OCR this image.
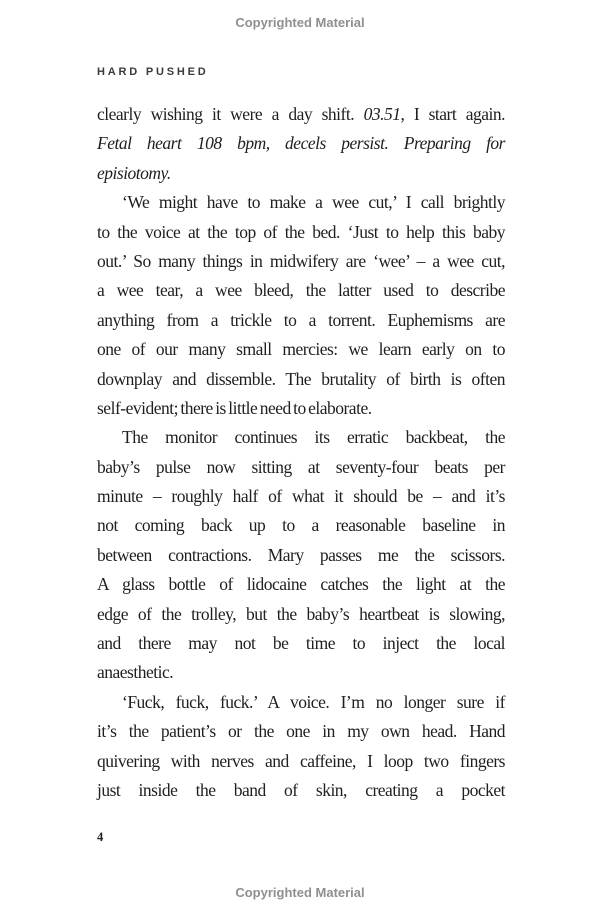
Copyrighted Material
HARD PUSHED
clearly wishing it were a day shift. 03.51, I start again.
Fetal heart 108 bpm, decels persist. Preparing for
episiotomy.
‘We might have to make a wee cut,’ I call brightly
to the voice at the top of the bed. ‘Just to help this baby
out.’ So many things in midwifery are ‘wee’ – a wee cut,
a wee tear, a wee bleed, the latter used to describe
anything from a trickle to a torrent. Euphemisms are
one of our many small mercies: we learn early on to
downplay and dissemble. The brutality of birth is often
self-evident; there is little need to elaborate.
The monitor continues its erratic backbeat, the
baby’s pulse now sitting at seventy-four beats per
minute – roughly half of what it should be – and it’s
not coming back up to a reasonable baseline in
between contractions. Mary passes me the scissors.
A glass bottle of lidocaine catches the light at the
edge of the trolley, but the baby’s heartbeat is slowing,
and there may not be time to inject the local
anaesthetic.
‘Fuck, fuck, fuck.’ A voice. I’m no longer sure if
it’s the patient’s or the one in my own head. Hand
quivering with nerves and caffeine, I loop two fingers
just inside the band of skin, creating a pocket
4
Copyrighted Material
